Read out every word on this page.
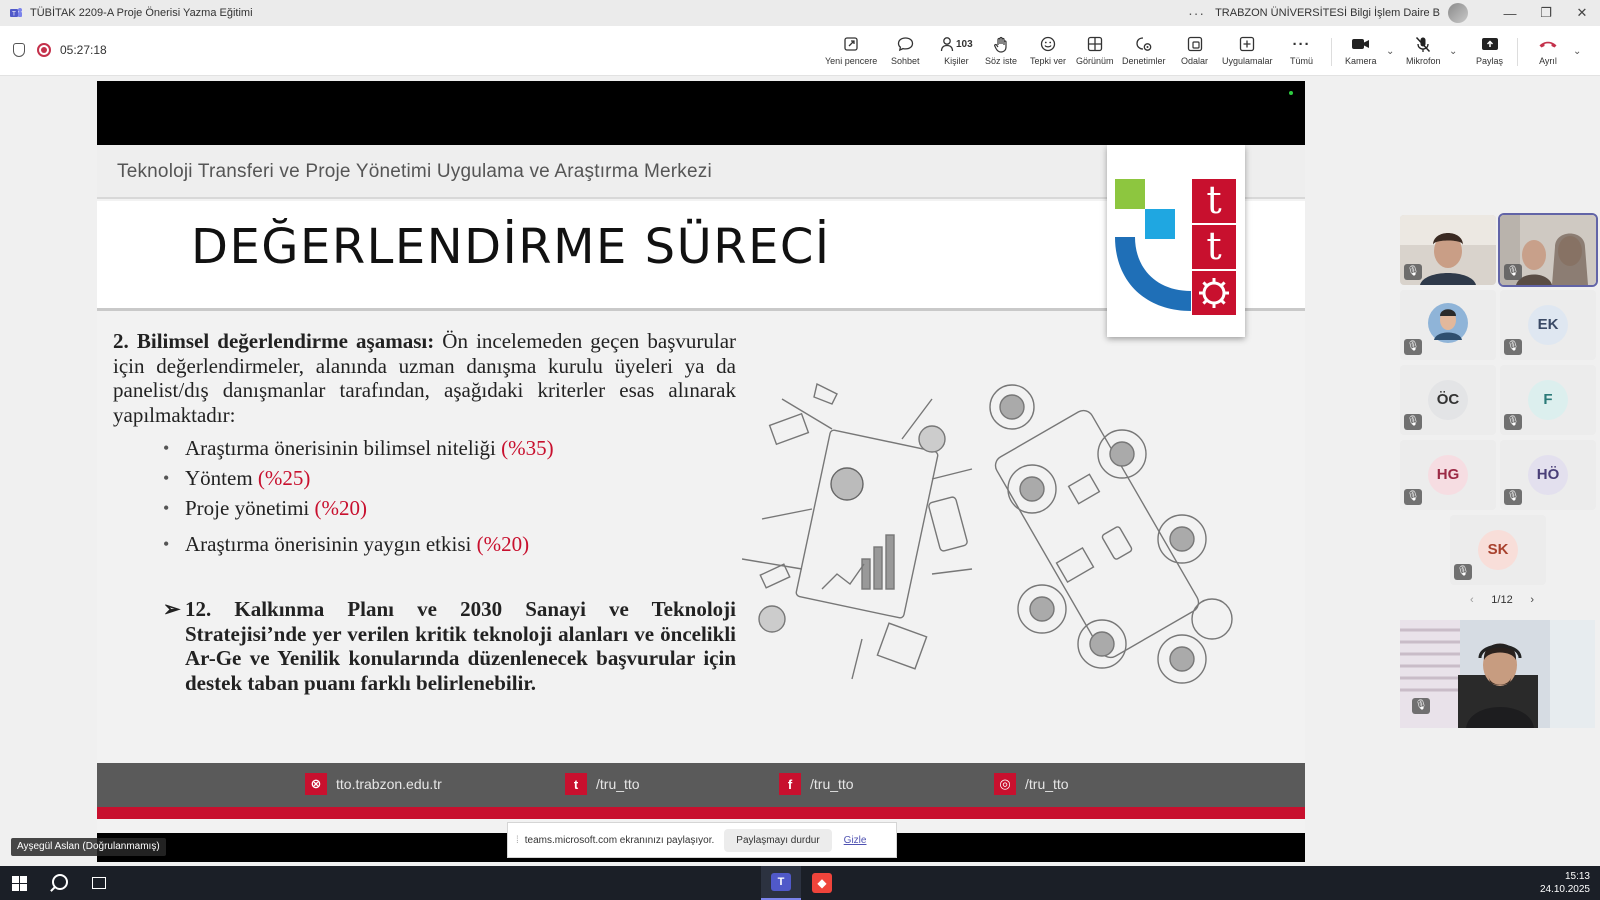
T TÜBİTAK 2209-A Proje Önerisi Yazma Eğitimi	··· TRABZON ÜNİVERSİTESİ Bilgi İşlem Daire B	—	❐	✕
05:27:18
Yeni pencere Sohbet
103
Kişiler Söz iste Tepki ver Görünüm Denetimler Odalar Uygulamalar
···
Tümü	Kamera
⌄
Mikrofon
⌄
Paylaş	Ayrıl
⌄
Teknoloji Transferi ve Proje Yönetimi Uygulama ve Araştırma Merkezi
DEĞERLENDİRME SÜRECİ
t
t

2. Bilimsel değerlendirme aşaması: Ön incelemeden geçen başvurular için değerlendirmeler, alanında uzman danışma kurulu üyeleri ya da panelist/dış danışmanlar tarafından, aşağıdaki kriterler esas alınarak yapılmaktadır:

• Araştırma önerisinin bilimsel niteliği (%35)
• Yöntem (%25)
• Proje yönetimi (%20)
• Araştırma önerisinin yaygın etkisi (%20)

➢ 12. Kalkınma Planı ve 2030 Sanayi ve Teknoloji Stratejisi’nde yer verilen kritik teknoloji alanları ve öncelikli Ar-Ge ve Yenilik konularında düzenlenecek başvurular için destek taban puanı farklı belirlenebilir.

⊗	tto.trabzon.edu.tr	t	/tru_tto	f	/tru_tto	◎	/tru_tto
⁞ teams.microsoft.com ekranınızı paylaşıyor.	Paylaşmayı durdur	Gizle
Ayşegül Aslan (Doğrulanmamış)
🎙	🎙
🎙
EK
🎙
ÖC
🎙
F
🎙
HG
🎙
HÖ
🎙
SK
🎙
‹ 1/12 ›
🎙
T	◆	15:13
24.10.2025
